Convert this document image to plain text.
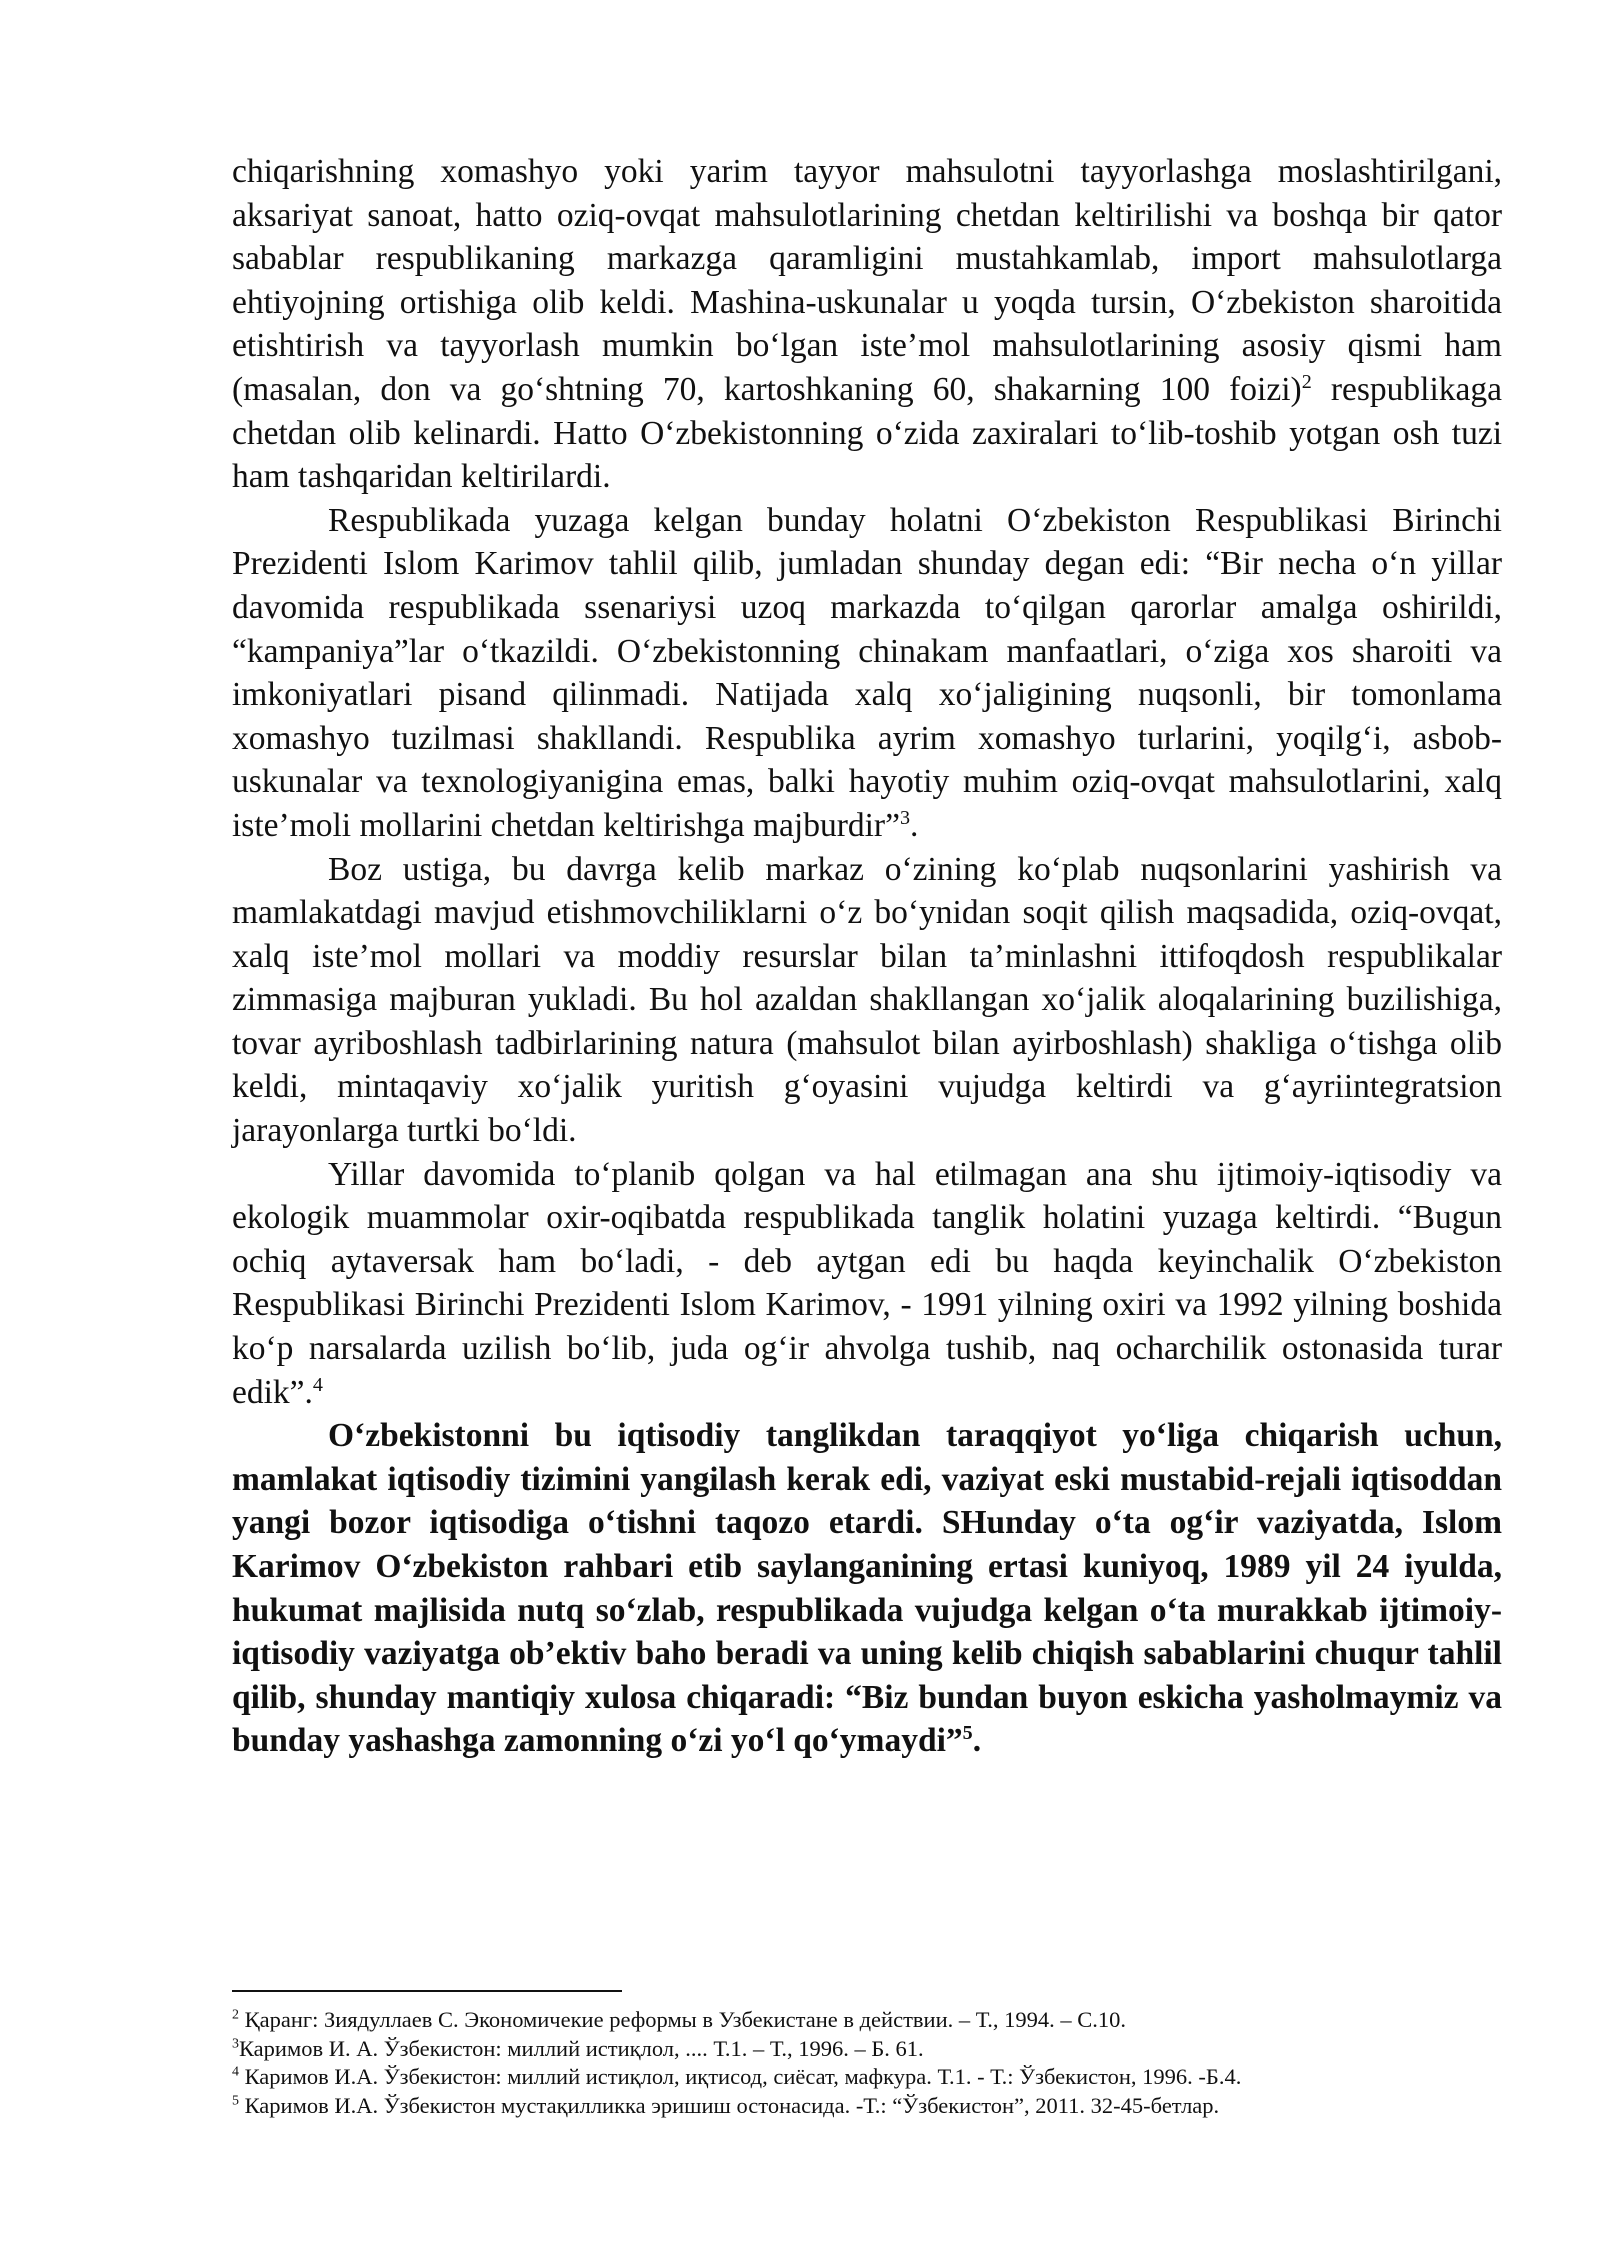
chiqarishning xomashyo yoki yarim tayyor mahsulotni tayyorlashga moslashtirilgani, aksariyat sanoat, hatto oziq-ovqat mahsulotlarining chetdan keltirilishi va boshqa bir qator sabablar respublikaning markazga qaramligini mustahkamlab, import mahsulotlarga ehtiyojning ortishiga olib keldi. Mashina-uskunalar u yoqda tursin, O‘zbekiston sharoitida etishtirish va tayyorlash mumkin bo‘lgan iste’mol mahsulotlarining asosiy qismi ham (masalan, don va go‘shtning 70, kartoshkaning 60, shakarning 100 foizi)$^2$ respublikaga chetdan olib kelinardi. Hatto O‘zbekistonning o‘zida zaxiralari to‘lib-toshib yotgan osh tuzi ham tashqaridan keltirilardi.

Respublikada yuzaga kelgan bunday holatni O‘zbekiston Respublikasi Birinchi Prezidenti Islom Karimov tahlil qilib, jumladan shunday degan edi: “Bir necha o‘n yillar davomida respublikada ssenariysi uzoq markazda to‘qilgan qarorlar amalga oshirildi, “kampaniya”lar o‘tkazildi. O‘zbekistonning chinakam manfaatlari, o‘ziga xos sharoiti va imkoniyatlari pisand qilinmadi. Natijada xalq xo‘jaligining nuqsonli, bir tomonlama xomashyo tuzilmasi shakllandi. Respublika ayrim xomashyo turlarini, yoqilg‘i, asbob-uskunalar va texnologiyanigina emas, balki hayotiy muhim oziq-ovqat mahsulotlarini, xalq iste’moli mollarini chetdan keltirishga majburdir”$^3$.

Boz ustiga, bu davrga kelib markaz o‘zining ko‘plab nuqsonlarini yashirish va mamlakatdagi mavjud etishmovchiliklarni o‘z bo‘ynidan soqit qilish maqsadida, oziq-ovqat, xalq iste’mol mollari va moddiy resurslar bilan ta’minlashni ittifoqdosh respublikalar zimmasiga majburan yukladi. Bu hol azaldan shakllangan xo‘jalik aloqalarining buzilishiga, tovar ayriboshlash tadbirlarining natura (mahsulot bilan ayirboshlash) shakliga o‘tishga olib keldi, mintaqaviy xo‘jalik yuritish g‘oyasini vujudga keltirdi va g‘ayriintegratsion jarayonlarga turtki bo‘ldi.

Yillar davomida to‘planib qolgan va hal etilmagan ana shu ijtimoiy-iqtisodiy va ekologik muammolar oxir-oqibatda respublikada tanglik holatini yuzaga keltirdi. “Bugun ochiq aytaversak ham bo‘ladi, - deb aytgan edi bu haqda keyinchalik O‘zbekiston Respublikasi Birinchi Prezidenti Islom Karimov, - 1991 yilning oxiri va 1992 yilning boshida ko‘p narsalarda uzilish bo‘lib, juda og‘ir ahvolga tushib, naq ocharchilik ostonasida turar edik”.$^4$

O‘zbekistonni bu iqtisodiy tanglikdan taraqqiyot yo‘liga chiqarish uchun, mamlakat iqtisodiy tizimini yangilash kerak edi, vaziyat eski mustabid-rejali iqtisoddan yangi bozor iqtisodiga o‘tishni taqozo etardi. SHunday o‘ta og‘ir vaziyatda, Islom Karimov O‘zbekiston rahbari etib saylanganining ertasi kuniyoq, 1989 yil 24 iyulda, hukumat majlisida nutq so‘zlab, respublikada vujudga kelgan o‘ta murakkab ijtimoiy-iqtisodiy vaziyatga ob’ektiv baho beradi va uning kelib chiqish sabablarini chuqur tahlil qilib, shunday mantiqiy xulosa chiqaradi: “Biz bundan buyon eskicha yasholmaymiz va bunday yashashga zamonning o‘zi yo‘l qo‘ymaydi”$^5$.

$^2$ Қаранг: Зиядуллаев С. Экономичекие реформы в Узбекистане в действии. – Т., 1994. – С.10.

$^3$Каримов И. А. Ўзбекистон: миллий истиқлол, .... Т.1. – Т., 1996. – Б. 61.

$^4$ Каримов И.А. Ўзбекистон: миллий истиқлол, иқтисод, сиёсат, мафкура. Т.1. - Т.: Ўзбекистон, 1996. -Б.4.

$^5$ Каримов И.А. Ўзбекистон мустақилликка эришиш остонасида. -Т.: “Ўзбекистон”, 2011. 32-45-бетлар.
